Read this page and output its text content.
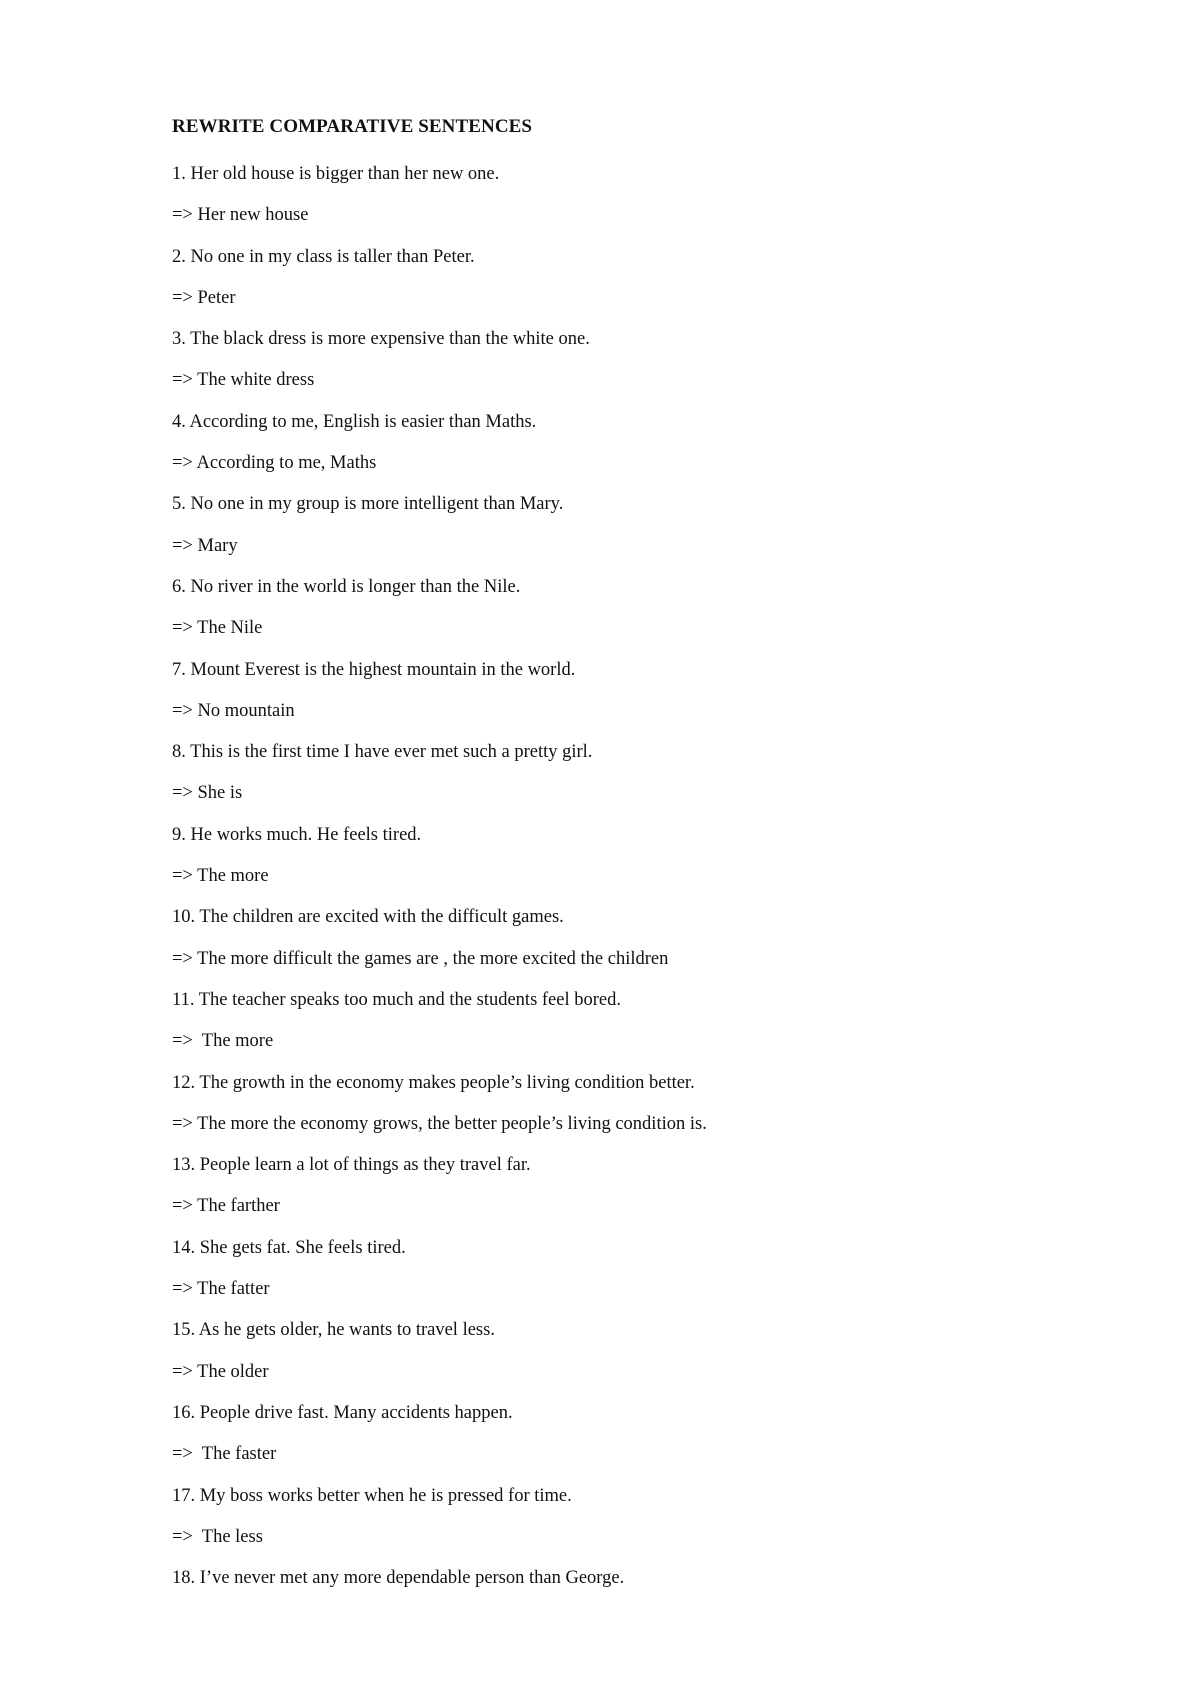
REWRITE COMPARATIVE SENTENCES
1. Her old house is bigger than her new one.
=> Her new house
2. No one in my class is taller than Peter.
=> Peter
3. The black dress is more expensive than the white one.
=> The white dress
4. According to me, English is easier than Maths.
=> According to me, Maths
5. No one in my group is more intelligent than Mary.
=> Mary
6. No river in the world is longer than the Nile.
=> The Nile
7. Mount Everest is the highest mountain in the world.
=> No mountain
8. This is the first time I have ever met such a pretty girl.
=> She is
9. He works much. He feels tired.
=> The more
10. The children are excited with the difficult games.
=> The more difficult the games are , the more excited the children
11. The teacher speaks too much and the students feel bored.
=>  The more
12. The growth in the economy makes people’s living condition better.
=> The more the economy grows, the better people’s living condition is.
13. People learn a lot of things as they travel far.
=> The farther
14. She gets fat. She feels tired.
=> The fatter
15. As he gets older, he wants to travel less.
=> The older
16. People drive fast. Many accidents happen.
=>  The faster
17. My boss works better when he is pressed for time.
=>  The less
18. I’ve never met any more dependable person than George.
